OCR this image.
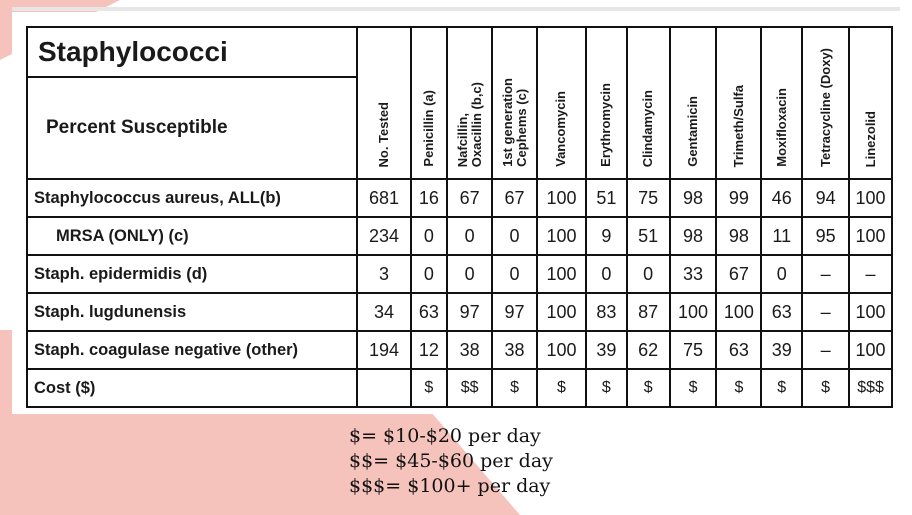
Staphylococci	No. Tested	Penicillin (a)	Nafcillin,
Oxacillin (b,c)	1st generation
Cephems (c)	Vancomycin	Erythromycin	Clindamycin	Gentamicin	Trimeth/Sulfa	Moxifloxacin	Tetracycline (Doxy)	Linezolid
Percent Susceptible												
Staphylococcus aureus, ALL(b)	681	16	67	67	100	51	75	98	99	46	94	100
MRSA (ONLY) (c)	234	0	0	0	100	9	51	98	98	11	95	100
Staph. epidermidis (d)	3	0	0	0	100	0	0	33	67	0	–	–
Staph. lugdunensis	34	63	97	97	100	83	87	100	100	63	–	100
Staph. coagulase negative (other)	194	12	38	38	100	39	62	75	63	39	–	100
Cost ($)		$	$$	$	$	$	$	$	$	$	$	$$$
$= $10-$20 per day
$$= $45-$60 per day
$$$= $100+ per day
